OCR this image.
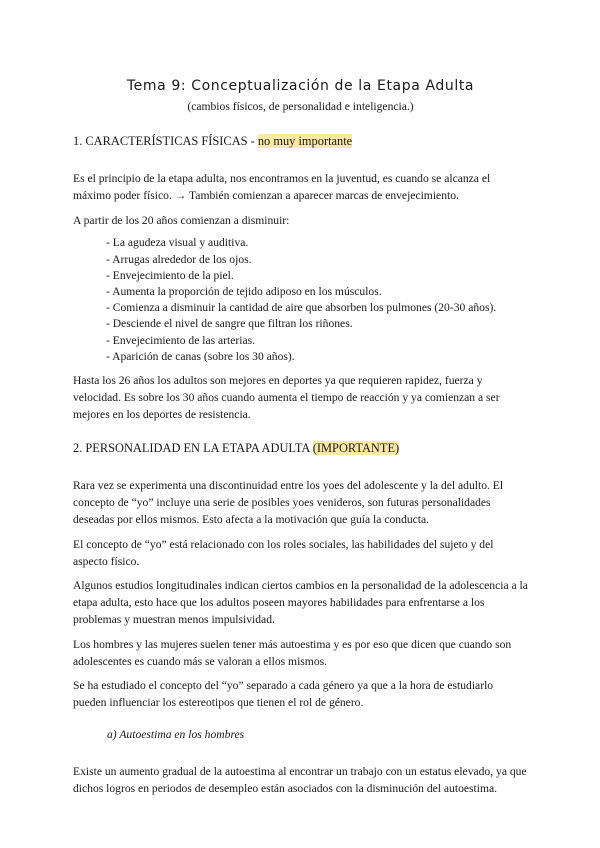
Tema 9: Conceptualización de la Etapa Adulta

(cambios físicos, de personalidad e inteligencia.)

1. CARACTERÍSTICAS FÍSICAS - no muy importante

Es el principio de la etapa adulta, nos encontramos en la juventud, es cuando se alcanza el máximo poder físico. → También comienzan a aparecer marcas de envejecimiento.

A partir de los 20 años comienzan a disminuir:

- La agudeza visual y auditiva.
- Arrugas alrededor de los ojos.
- Envejecimiento de la piel.
- Aumenta la proporción de tejido adiposo en los músculos.
- Comienza a disminuir la cantidad de aire que absorben los pulmones (20-30 años).
- Desciende el nivel de sangre que filtran los riñones.
- Envejecimiento de las arterias.
- Aparición de canas (sobre los 30 años).

Hasta los 26 años los adultos son mejores en deportes ya que requieren rapidez, fuerza y velocidad. Es sobre los 30 años cuando aumenta el tiempo de reacción y ya comienzan a ser mejores en los deportes de resistencia.

2. PERSONALIDAD EN LA ETAPA ADULTA (IMPORTANTE)

Rara vez se experimenta una discontinuidad entre los yoes del adolescente y la del adulto. El concepto de “yo” incluye una serie de posibles yoes venideros, son futuras personalidades deseadas por ellos mismos. Esto afecta a la motivación que guía la conducta.

El concepto de “yo” está relacionado con los roles sociales, las habilidades del sujeto y del aspecto físico.

Algunos estudios longitudinales indican ciertos cambios en la personalidad de la adolescencia a la etapa adulta, esto hace que los adultos poseen mayores habilidades para enfrentarse a los problemas y muestran menos impulsividad.

Los hombres y las mujeres suelen tener más autoestima y es por eso que dicen que cuando son adolescentes es cuando más se valoran a ellos mismos.

Se ha estudiado el concepto del “yo” separado a cada género ya que a la hora de estudiarlo pueden influenciar los estereotipos que tienen el rol de género.

a) Autoestima en los hombres

Existe un aumento gradual de la autoestima al encontrar un trabajo con un estatus elevado, ya que dichos logros en periodos de desempleo están asociados con la disminución del autoestima.
